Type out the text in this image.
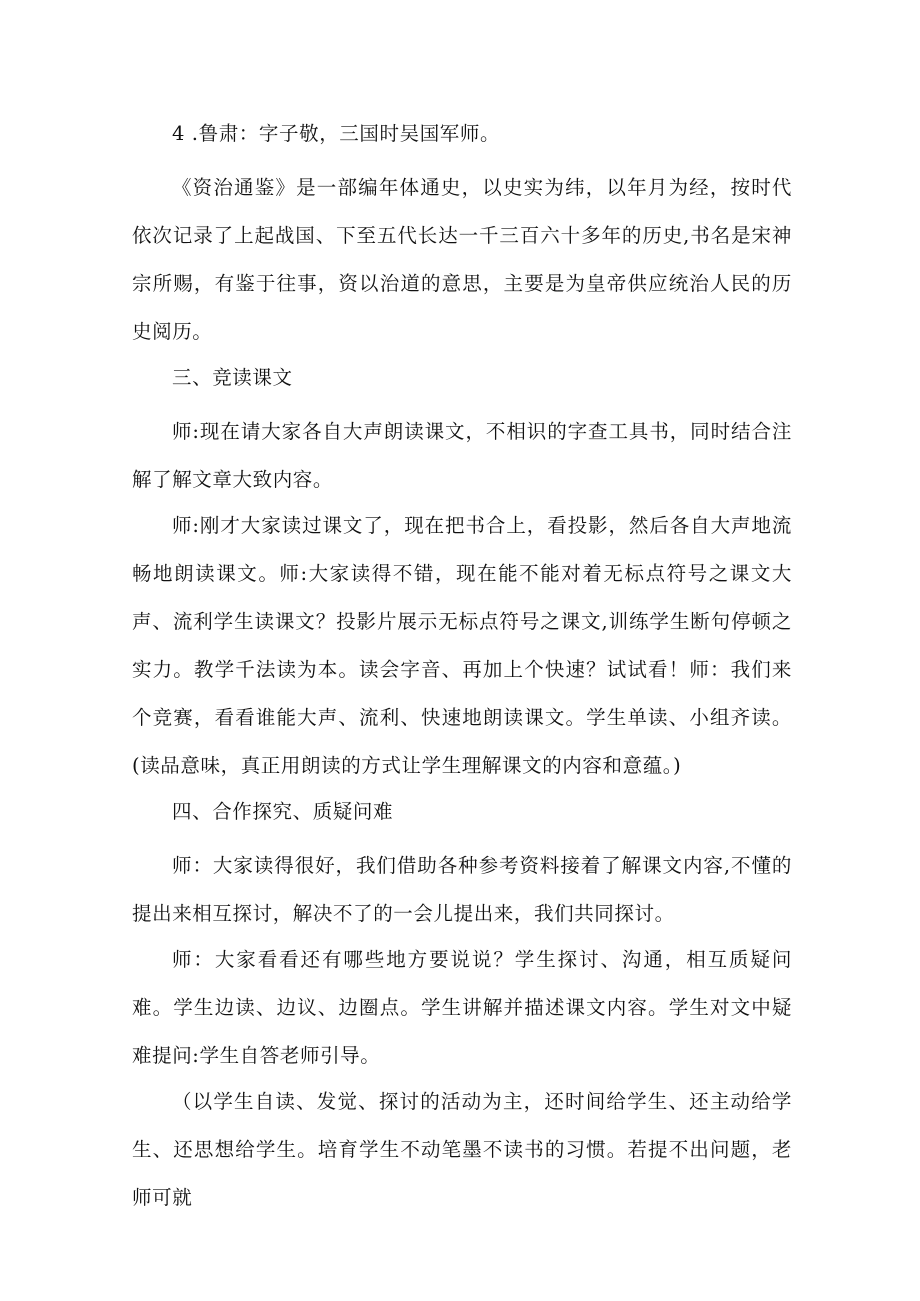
4 .鲁肃：字子敬，三国时吴国军师。

《资治通鉴》是一部编年体通史，以史实为纬，以年月为经，按时代依次记录了上起战国、下至五代长达一千三百六十多年的历史,书名是宋神宗所赐，有鉴于往事，资以治道的意思，主要是为皇帝供应统治人民的历史阅历。

三、竞读课文

师:现在请大家各自大声朗读课文，不相识的字查工具书，同时结合注解了解文章大致内容。

师:刚才大家读过课文了，现在把书合上，看投影，然后各自大声地流畅地朗读课文。师:大家读得不错，现在能不能对着无标点符号之课文大声、流利学生读课文？投影片展示无标点符号之课文,训练学生断句停顿之实力。教学千法读为本。读会字音、再加上个快速？试试看！师：我们来个竞赛，看看谁能大声、流利、快速地朗读课文。学生单读、小组齐读。(读品意味，真正用朗读的方式让学生理解课文的内容和意蕴。)

四、合作探究、质疑问难

师：大家读得很好，我们借助各种参考资料接着了解课文内容,不懂的提出来相互探讨，解决不了的一会儿提出来，我们共同探讨。

师：大家看看还有哪些地方要说说？学生探讨、沟通，相互质疑问难。学生边读、边议、边圈点。学生讲解并描述课文内容。学生对文中疑难提问:学生自答老师引导。

（以学生自读、发觉、探讨的活动为主，还时间给学生、还主动给学生、还思想给学生。培育学生不动笔墨不读书的习惯。若提不出问题，老师可就
